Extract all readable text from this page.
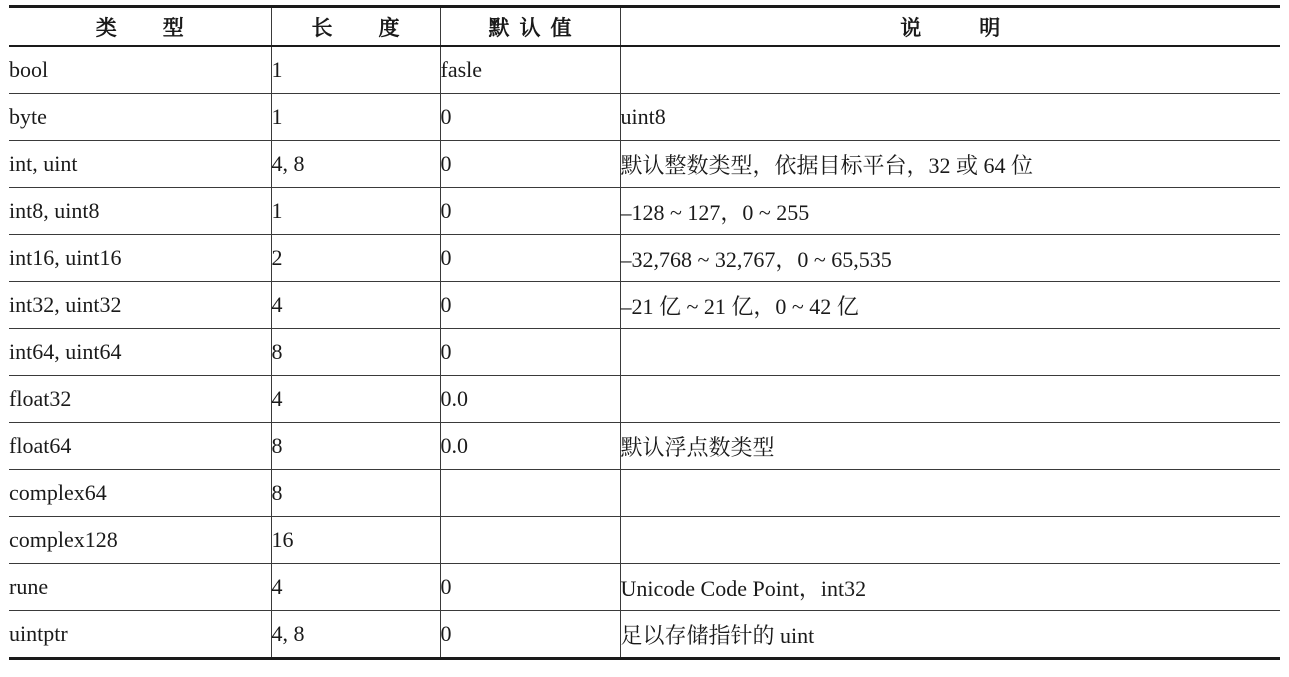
类型	长度	默认值	说明
bool	1	fasle	
byte	1	0	uint8
int, uint	4, 8	0	默认整数类型，依据目标平台，32 或 64 位
int8, uint8	1	0	–128 ~ 127，0 ~ 255
int16, uint16	2	0	–32,768 ~ 32,767，0 ~ 65,535
int32, uint32	4	0	–21 亿 ~ 21 亿，0 ~ 42 亿
int64, uint64	8	0	
float32	4	0.0	
float64	8	0.0	默认浮点数类型
complex64	8		
complex128	16		
rune	4	0	Unicode Code Point，int32
uintptr	4, 8	0	足以存储指针的 uint
